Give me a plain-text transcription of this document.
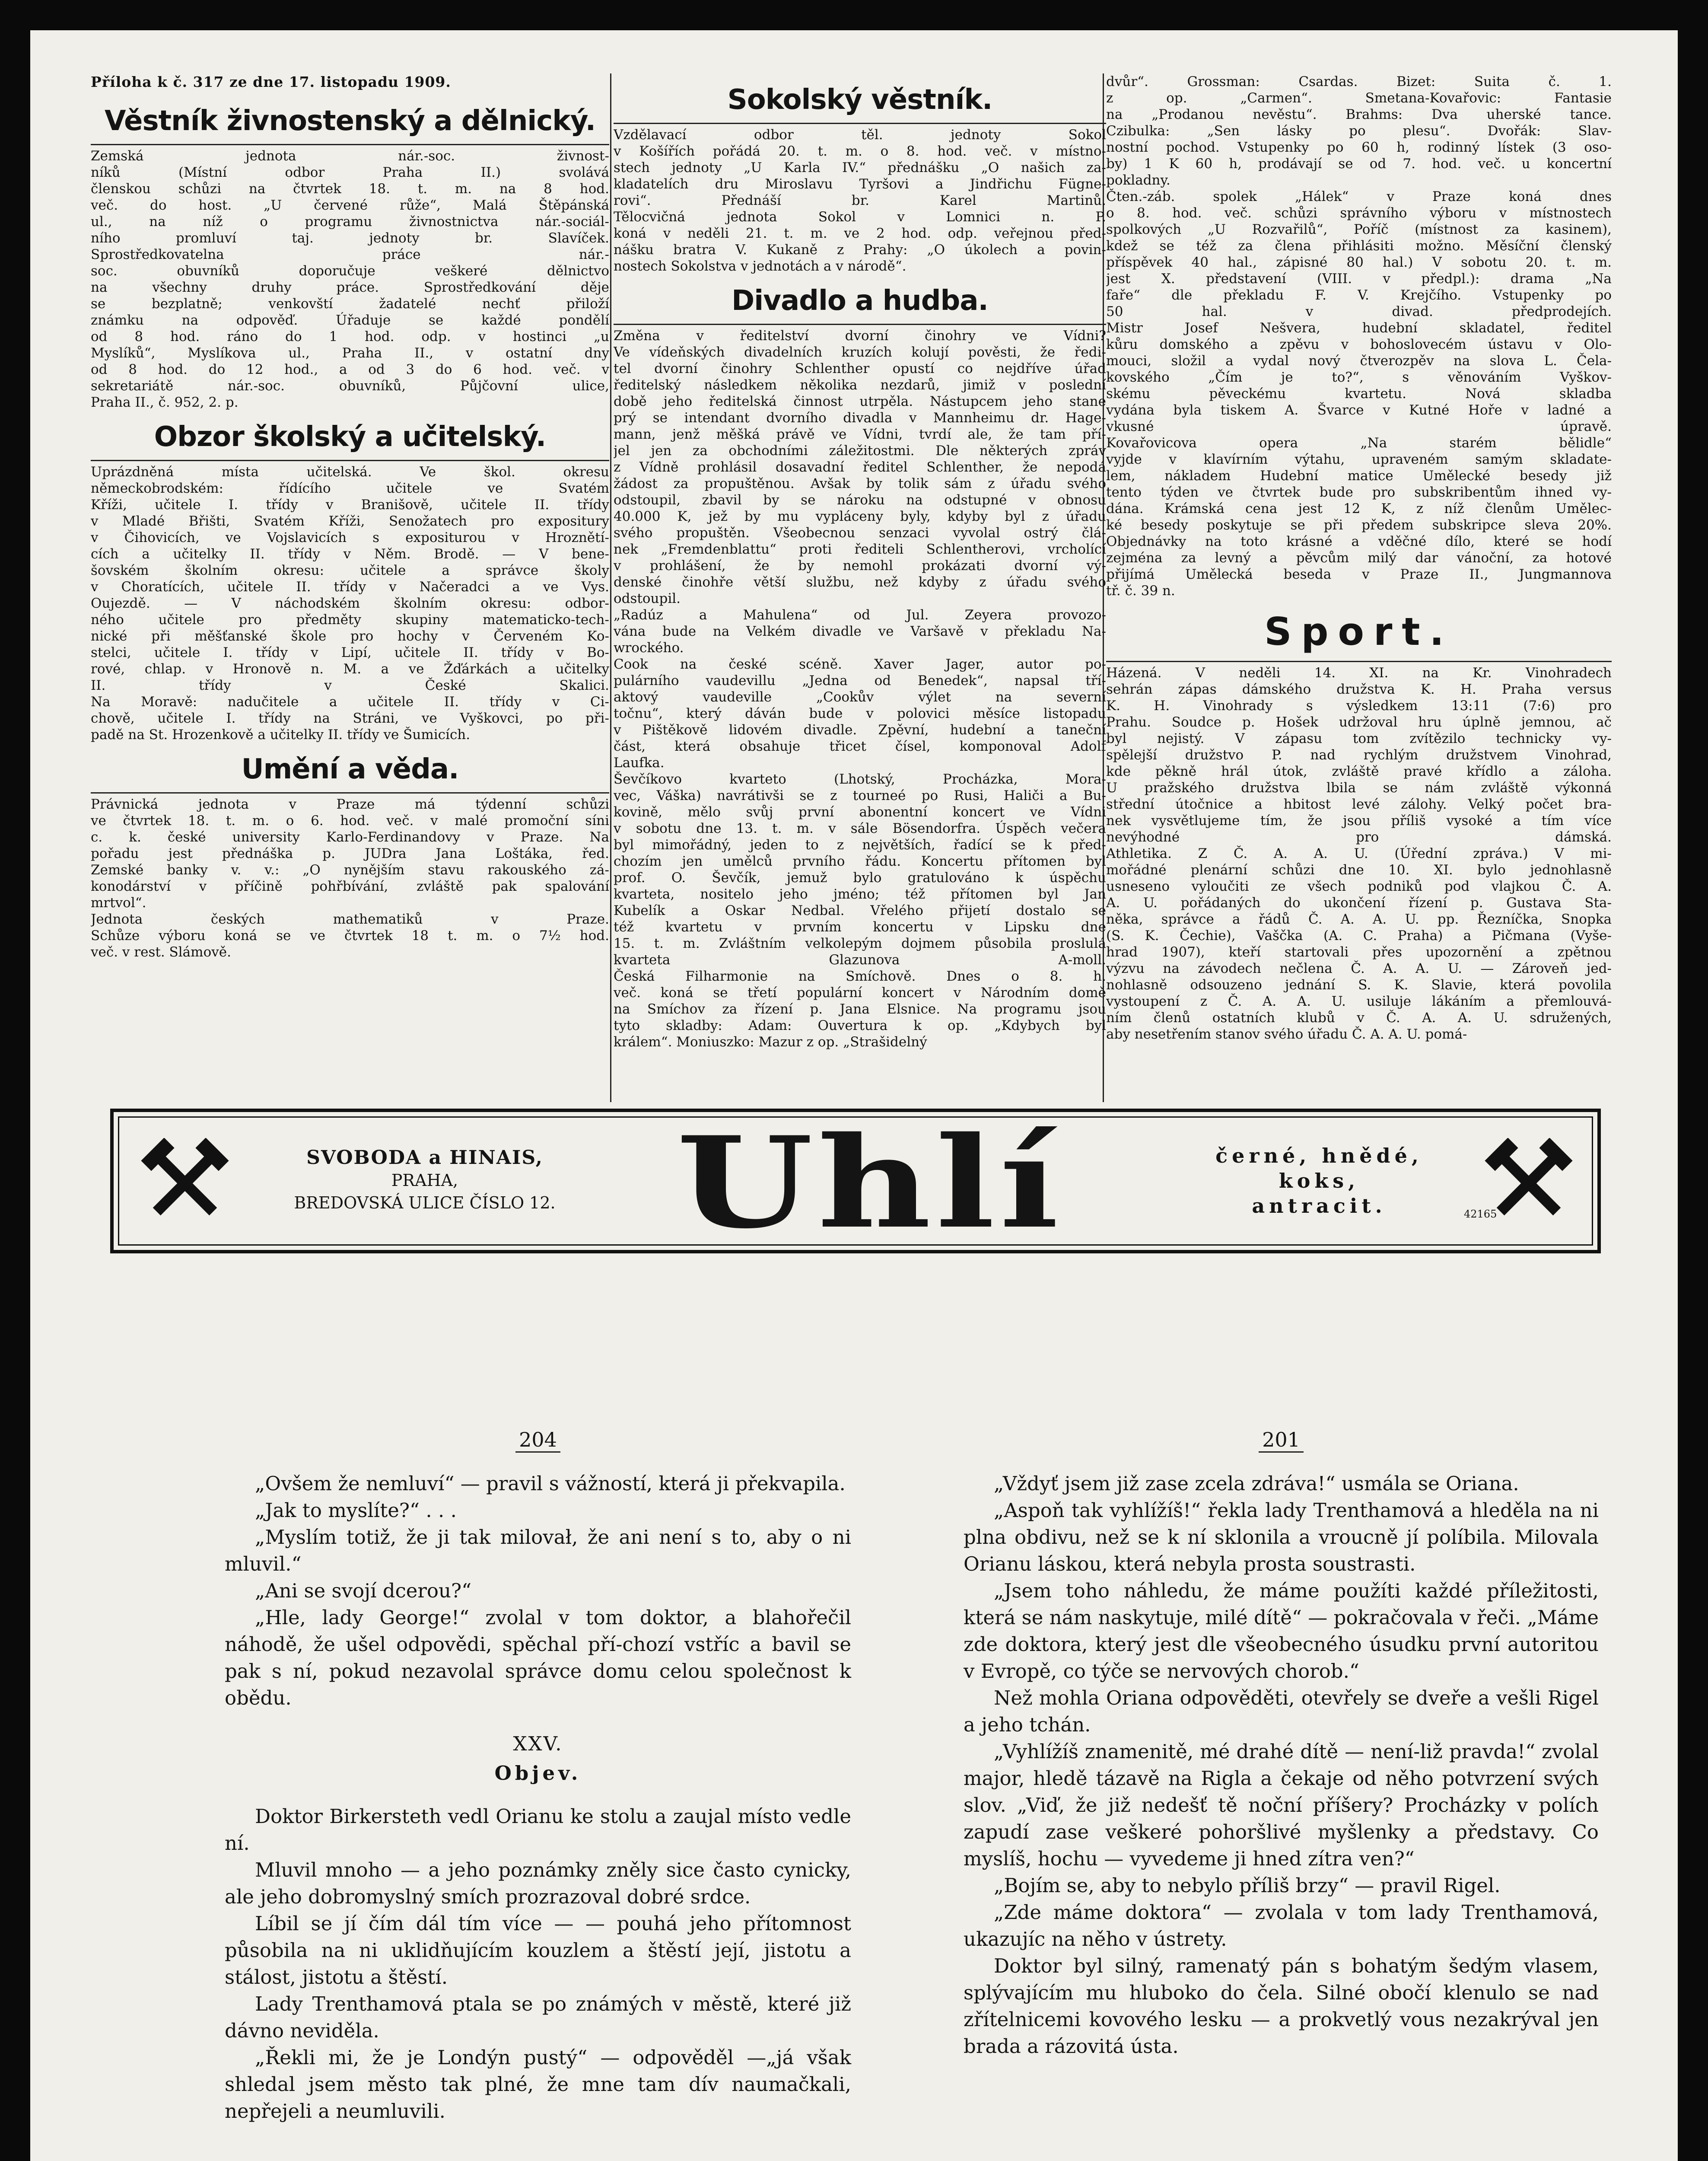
Příloha k č. 317 ze dne 17. listopadu 1909.
Věstník živnostenský a dělnický.
Zemská jednota nár.-soc. živnost-
níků (Místní odbor Praha II.) svolává
členskou schůzi na čtvrtek 18. t. m. na 8 hod.
več. do host. „U červené růže“, Malá Štěpánská
ul., na níž o programu živnostnictva nár.-sociál-
ního promluví taj. jednoty br. Slavíček.
Sprostředkovatelna práce nár.-
soc. obuvníků doporučuje veškeré dělnictvo
na všechny druhy práce. Sprostředkování děje
se bezplatně; venkovští žadatelé nechť přiloží
známku na odpověď. Úřaduje se každé pondělí
od 8 hod. ráno do 1 hod. odp. v hostinci „u
Myslíků“, Myslíkova ul., Praha II., v ostatní dny
od 8 hod. do 12 hod., a od 3 do 6 hod. več. v
sekretariátě nár.-soc. obuvníků, Půjčovní ulice,
Praha II., č. 952, 2. p.
Obzor školský a učitelský.
Uprázdněná místa učitelská. Ve škol. okresu
německobrodském: řídícího učitele ve Svatém
Kříži, učitele I. třídy v Branišově, učitele II. třídy
v Mladé Břišti, Svatém Kříži, Senožatech pro expositury
v Čihovicích, ve Vojslavicích s expositurou v Hroznětí-
cích a učitelky II. třídy v Něm. Brodě. — V bene-
šovském školním okresu: učitele a správce školy
v Choratících, učitele II. třídy v Načeradci a ve Vys.
Oujezdě. — V náchodském školním okresu: odbor-
ného učitele pro předměty skupiny matematicko-tech-
nické při měšťanské škole pro hochy v Červeném Ko-
stelci, učitele I. třídy v Lipí, učitele II. třídy v Bo-
rové, chlap. v Hronově n. M. a ve Žďárkách a učitelky
II. třídy v České Skalici.
Na Moravě: nadučitele a učitele II. třídy v Ci-
chově, učitele I. třídy na Stráni, ve Vyškovci, po při-
padě na St. Hrozenkově a učitelky II. třídy ve Šumicích.
Umění a věda.
Právnická jednota v Praze má týdenní schůzi
ve čtvrtek 18. t. m. o 6. hod. več. v malé promoční síni
c. k. české university Karlo-Ferdinandovy v Praze. Na
pořadu jest přednáška p. JUDra Jana Loštáka, řed.
Zemské banky v. v.: „O nynějším stavu rakouského zá-
konodárství v příčině pohřbívání, zvláště pak spalování
mrtvol“.
Jednota českých mathematiků v Praze.
Schůze výboru koná se ve čtvrtek 18 t. m. o 7½ hod.
več. v rest. Slámově.
Sokolský věstník.
Vzdělavací odbor těl. jednoty Sokol
v Košířích pořádá 20. t. m. o 8. hod. več. v místno-
stech jednoty „U Karla IV.“ přednášku „O našich za-
kladatelích dru Miroslavu Tyršovi a Jindřichu Fügne-
rovi“. Přednáší br. Karel Martinů.
Tělocvičná jednota Sokol v Lomnici n. P.
koná v neděli 21. t. m. ve 2 hod. odp. veřejnou před-
nášku bratra V. Kukaně z Prahy: „O úkolech a povin-
nostech Sokolstva v jednotách a v národě“.
Divadlo a hudba.
Změna v ředitelství dvorní činohry ve Vídni?
Ve vídeňských divadelních kruzích kolují pověsti, že ředi-
tel dvorní činohry Schlenther opustí co nejdříve úřad
ředitelský následkem několika nezdarů, jimiž v poslední
době jeho ředitelská činnost utrpěla. Nástupcem jeho stane
prý se intendant dvorního divadla v Mannheimu dr. Hage-
mann, jenž měšká právě ve Vídni, tvrdí ale, že tam pří-
jel jen za obchodními záležitostmi. Dle některých zpráv
z Vídně prohlásil dosavadní ředitel Schlenther, že nepodá
žádost za propuštěnou. Avšak by tolik sám z úřadu svého
odstoupil, zbavil by se nároku na odstupné v obnosu
40.000 K, jež by mu vypláceny byly, kdyby byl z úřadu
svého propuštěn. Všeobecnou senzaci vyvolal ostrý člá-
nek „Fremdenblattu“ proti řediteli Schlentherovi, vrcholící
v prohlášení, že by nemohl prokázati dvorní vý-
denské činohře větší službu, než kdyby z úřadu svého
odstoupil.
„Radúz a Mahulena“ od Jul. Zeyera provozo-
vána bude na Velkém divadle ve Varšavě v překladu Na-
wrockého.
Cook na české scéně. Xaver Jager, autor po-
pulárního vaudevillu „Jedna od Benedek“, napsal tří-
aktový vaudeville „Cookův výlet na severní
točnu“, který dáván bude v polovici měsíce listopadu
v Pištěkově lidovém divadle. Zpěvní, hudební a taneční
část, která obsahuje třicet čísel, komponoval Adolf
Laufka.
Ševčíkovo kvarteto (Lhotský, Procházka, Mora-
vec, Váška) navrátivši se z tourneé po Rusi, Haliči a Bu-
kovině, mělo svůj první abonentní koncert ve Vídni
v sobotu dne 13. t. m. v sále Bösendorfra. Úspěch večera
byl mimořádný, jeden to z největších, řadící se k před-
chozím jen umělců prvního řádu. Koncertu přítomen byl
prof. O. Ševčík, jemuž bylo gratulováno k úspěchu
kvarteta, nositelo jeho jméno; též přítomen byl Jan
Kubelík a Oskar Nedbal. Vřelého přijetí dostalo se
též kvartetu v prvním koncertu v Lipsku dne
15. t. m. Zvláštním velkolepým dojmem působila proslulá
kvarteta Glazunova A-moll.
Česká Filharmonie na Smíchově. Dnes o 8. h.
več. koná se třetí populární koncert v Národním domě
na Smíchov za řízení p. Jana Elsnice. Na programu jsou
tyto skladby: Adam: Ouvertura k op. „Kdybych byl
králem“. Moniuszko: Mazur z op. „Strašidelný
dvůr“. Grossman: Csardas. Bizet: Suita č. 1.
z op. „Carmen“. Smetana-Kovařovic: Fantasie
na „Prodanou nevěstu“. Brahms: Dva uherské tance.
Czibulka: „Sen lásky po plesu“. Dvořák: Slav-
nostní pochod. Vstupenky po 60 h, rodinný lístek (3 oso-
by) 1 K 60 h, prodávají se od 7. hod. več. u koncertní
pokladny.
Čten.-záb. spolek „Hálek“ v Praze koná dnes
o 8. hod. več. schůzi správního výboru v místnostech
spolkových „U Rozvařilů“, Poříč (místnost za kasinem),
kdež se též za člena přihlásiti možno. Měsíční členský
příspěvek 40 hal., zápisné 80 hal.) V sobotu 20. t. m.
jest X. představení (VIII. v předpl.): drama „Na
faře“ dle překladu F. V. Krejčího. Vstupenky po
50 hal. v divad. předprodejích.
Mistr Josef Nešvera, hudební skladatel, ředitel
kůru domského a zpěvu v bohoslovecém ústavu v Olo-
mouci, složil a vydal nový čtverozpěv na slova L. Čela-
kovského „Čím je to?“, s věnováním Vyškov-
skému pěveckému kvartetu. Nová skladba
vydána byla tiskem A. Švarce v Kutné Hoře v ladné a
vkusné úpravě.
Kovařovicova opera „Na starém bělidle“
vyjde v klavírním výtahu, upraveném samým skladate-
lem, nákladem Hudební matice Umělecké besedy již
tento týden ve čtvrtek bude pro subskribentům ihned vy-
dána. Krámská cena jest 12 K, z níž členům Umělec-
ké besedy poskytuje se při předem subskripce sleva 20%.
Objednávky na toto krásné a vděčné dílo, které se hodí
zejména za levný a pěvcům milý dar vánoční, za hotové
přijímá Umělecká beseda v Praze II., Jungmannova
tř. č. 39 n.
Sport.
Házená. V neděli 14. XI. na Kr. Vinohradech
sehrán zápas dámského družstva K. H. Praha versus
K. H. Vinohrady s výsledkem 13:11 (7:6) pro
Prahu. Soudce p. Hošek udržoval hru úplně jemnou, ač
byl nejistý. V zápasu tom zvítězilo technicky vy-
spělejší družstvo P. nad rychlým družstvem Vinohrad,
kde pěkně hrál útok, zvláště pravé křídlo a záloha.
U pražského družstva lbila se nám zvláště výkonná
střední útočnice a hbitost levé zálohy. Velký počet bra-
nek vysvětlujeme tím, že jsou příliš vysoké a tím více
nevýhodné pro dámská.
Athletika. Z Č. A. A. U. (Úřední zpráva.) V mi-
mořádné plenární schůzi dne 10. XI. bylo jednohlasně
usneseno vyloučiti ze všech podniků pod vlajkou Č. A.
A. U. pořádaných do ukončení řízení p. Gustava Sta-
něka, správce a řádů Č. A. A. U. pp. Řezníčka, Snopka
(S. K. Čechie), Vaščka (A. C. Praha) a Pičmana (Vyše-
hrad 1907), kteří startovali přes upozornění a zpětnou
výzvu na závodech nečlena Č. A. A. U. — Zároveň jed-
nohlasně odsouzeno jednání S. K. Slavie, která povolila
vystoupení z Č. A. A. U. usiluje lákáním a přemlouvá-
ním členů ostatních klubů v Č. A. A. U. sdružených,
aby nesetřením stanov svého úřadu Č. A. A. U. pomá-
SVOBODA a HINAIS,
PRAHA,
BREDOVSKÁ ULICE ČÍSLO 12. Uhlí	černé, hnědé,
koks,
antracit.	42165
204
„Ovšem že nemluví“ — pravil s vážností, která ji překvapila.
„Jak to myslíte?“ . . .
„Myslím totiž, že ji tak milovał, že ani není s to, aby o ni mluvil.“
„Ani se svojí dcerou?“
„Hle, lady George!“ zvolal v tom doktor, a blahořečil náhodě, že ušel odpovědi, spěchal pří-chozí vstříc a bavil se pak s ní, pokud nezavolal správce domu celou společnost k obědu.
XXV.
Objev.
Doktor Birkersteth vedl Orianu ke stolu a zaujal místo vedle ní.
Mluvil mnoho — a jeho poznámky zněly sice často cynicky, ale jeho dobromyslný smích prozrazoval dobré srdce.
Líbil se jí čím dál tím více — — pouhá jeho přítomnost působila na ni uklidňujícím kouzlem a štěstí její, jistotu a stálost, jistotu a štěstí.
Lady Trenthamová ptala se po známých v městě, které již dávno neviděla.
„Řekli mi, že je Londýn pustý“ — odpověděl —„já však shledal jsem město tak plné, že mne tam dív naumačkali, nepřejeli a neumluvili.
201
„Vždyť jsem již zase zcela zdráva!“ usmála se Oriana.
„Aspoň tak vyhlížíš!“ řekla lady Trenthamová a hleděla na ni plna obdivu, než se k ní sklonila a vroucně jí políbila. Milovala Orianu láskou, která nebyla prosta soustrasti.
„Jsem toho náhledu, že máme použíti každé příležitosti, která se nám naskytuje, milé dítě“ — pokračovala v řeči. „Máme zde doktora, který jest dle všeobecného úsudku první autoritou v Evropě, co týče se nervových chorob.“
Než mohla Oriana odpověděti, otevřely se dveře a vešli Rigel a jeho tchán.
„Vyhlížíš znamenitě, mé drahé dítě — není-liž pravda!“ zvolal major, hledě tázavě na Rigla a čekaje od něho potvrzení svých slov. „Viď, že již nedešť tě noční příšery? Procházky v polích zapudí zase veškeré pohoršlivé myšlenky a představy. Co myslíš, hochu — vyvedeme ji hned zítra ven?“
„Bojím se, aby to nebylo příliš brzy“ — pravil Rigel.
„Zde máme doktora“ — zvolala v tom lady Trenthamová, ukazujíc na něho v ústrety.
Doktor byl silný, ramenatý pán s bohatým šedým vlasem, splývajícím mu hluboko do čela. Silné obočí klenulo se nad zřítelnicemi kovového lesku — a prokvetlý vous nezakrýval jen brada a rázovitá ústa.
